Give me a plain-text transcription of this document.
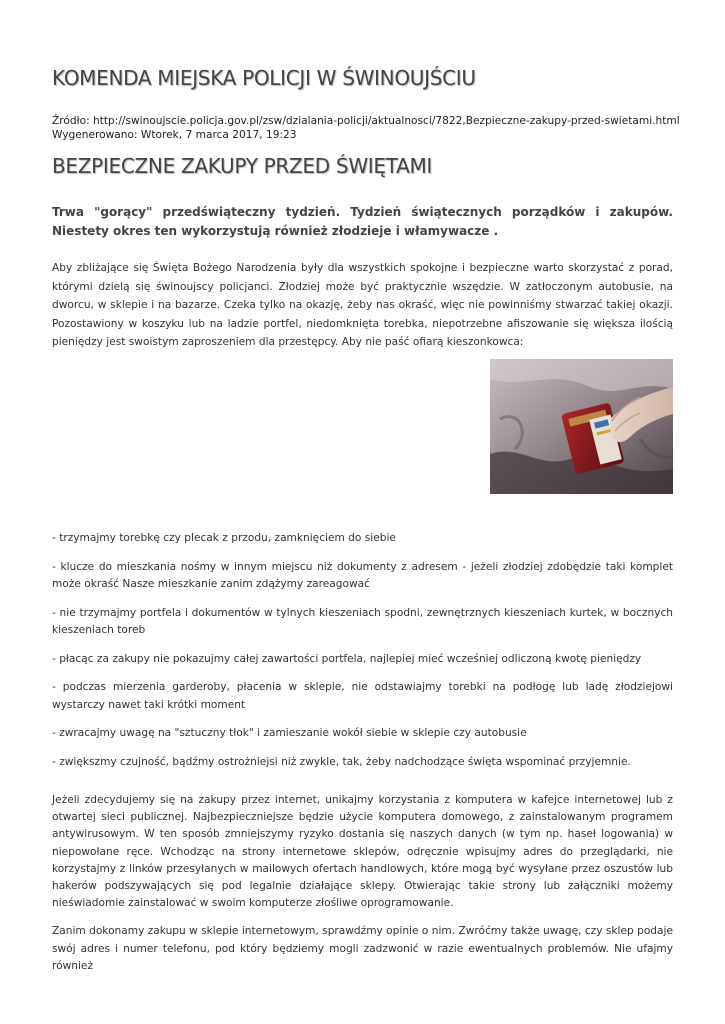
KOMENDA MIEJSKA POLICJI W ŚWINOUJŚCIU
Źródło: http://swinoujscie.policja.gov.pl/zsw/dzialania-policji/aktualnosci/7822,Bezpieczne-zakupy-przed-swietami.html
Wygenerowano: Wtorek, 7 marca 2017, 19:23
BEZPIECZNE ZAKUPY PRZED ŚWIĘTAMI

Trwa "gorący" przedświąteczny tydzień. Tydzień świątecznych porządków i zakupów. Niestety okres ten wykorzystują również złodzieje i włamywacze .

Aby zbliżające się Święta Bożego Narodzenia były dla wszystkich spokojne i bezpieczne warto skorzystać z porad, którymi dzielą się świnoujscy policjanci. Złodziej może być praktycznie wszędzie. W zatłoczonym autobusie, na dworcu, w sklepie i na bazarze. Czeka tylko na okazję, żeby nas okraść, więc nie powinniśmy stwarzać takiej okazji. Pozostawiony w koszyku lub na ladzie portfel, niedomknięta torebka, niepotrzebne afiszowanie się większa ilością pieniędzy jest swoistym zaproszeniem dla przestępcy. Aby nie paść ofiarą kieszonkowca:

- trzymajmy torebkę czy plecak z przodu, zamknięciem do siebie

- klucze do mieszkania nośmy w innym miejscu niż dokumenty z adresem - jeżeli złodziej zdobędzie taki komplet może okraść Nasze mieszkanie zanim zdążymy zareagować

- nie trzymajmy portfela i dokumentów w tylnych kieszeniach spodni, zewnętrznych kieszeniach kurtek, w bocznych kieszeniach toreb

- płacąc za zakupy nie pokazujmy całej zawartości portfela, najlepiej mieć wcześniej odliczoną kwotę pieniędzy

- podczas mierzenia garderoby, płacenia w sklepie, nie odstawiajmy torebki na podłogę lub ladę złodziejowi wystarczy nawet taki krótki moment

- zwracajmy uwagę na "sztuczny tłok" i zamieszanie wokół siebie w sklepie czy autobusie

- zwiększmy czujność, bądźmy ostrożniejsi niż zwykle, tak, żeby nadchodzące święta wspominać przyjemnie.

Jeżeli zdecydujemy się na zakupy przez internet, unikajmy korzystania z komputera w kafejce internetowej lub z otwartej sieci publicznej. Najbezpieczniejsze będzie użycie komputera domowego, z zainstalowanym programem antywirusowym. W ten sposób zmniejszymy ryzyko dostania się naszych danych (w tym np. haseł logowania) w niepowołane ręce. Wchodząc na strony internetowe sklepów, odręcznie wpisujmy adres do przeglądarki, nie korzystajmy z linków przesyłanych w mailowych ofertach handlowych, które mogą być wysyłane przez oszustów lub hakerów podszywających się pod legalnie działające sklepy. Otwierając takie strony lub załączniki możemy nieświadomie zainstalować w swoim komputerze złośliwe oprogramowanie.

Zanim dokonamy zakupu w sklepie internetowym, sprawdźmy opinie o nim. Zwróćmy także uwagę, czy sklep podaje swój adres i numer telefonu, pod który będziemy mogli zadzwonić w razie ewentualnych problemów. Nie ufajmy również
